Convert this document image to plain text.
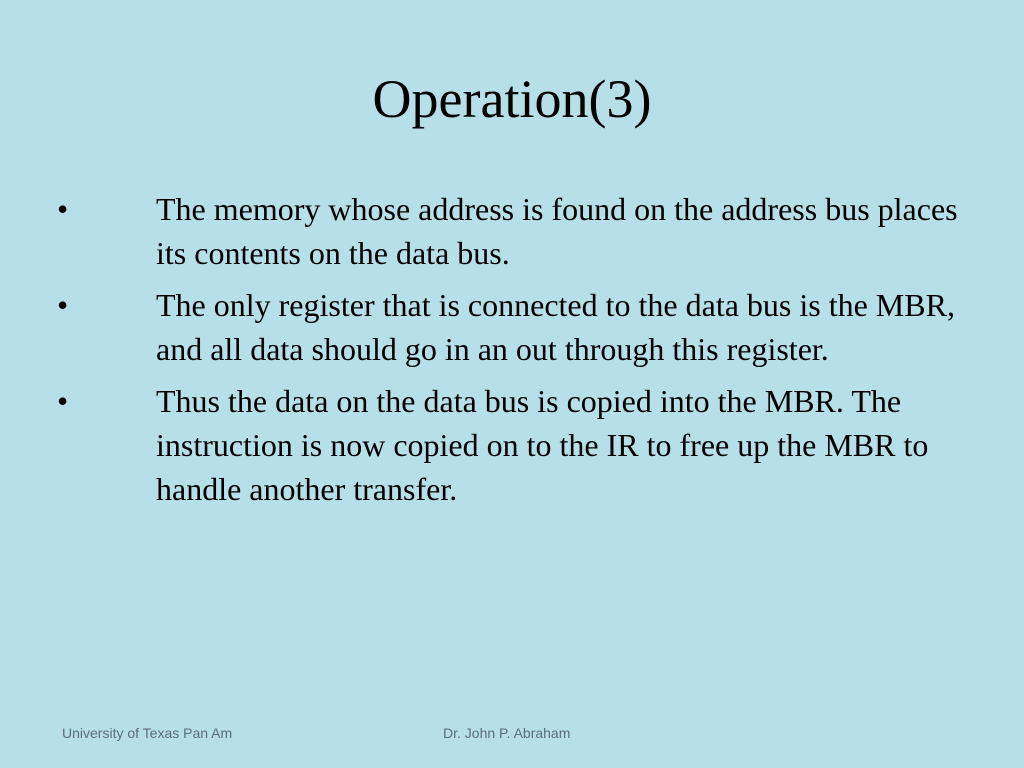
Operation(3)
•	The memory whose address is found on the address bus places its contents on the data bus.
•	The only register that is connected to the data bus is the MBR, and all data should go in an out through this register.
•	Thus the data on the data bus is copied into the MBR. The instruction is now copied on to the IR to free up the MBR to handle another transfer.
University of Texas Pan Am	Dr. John P. Abraham
